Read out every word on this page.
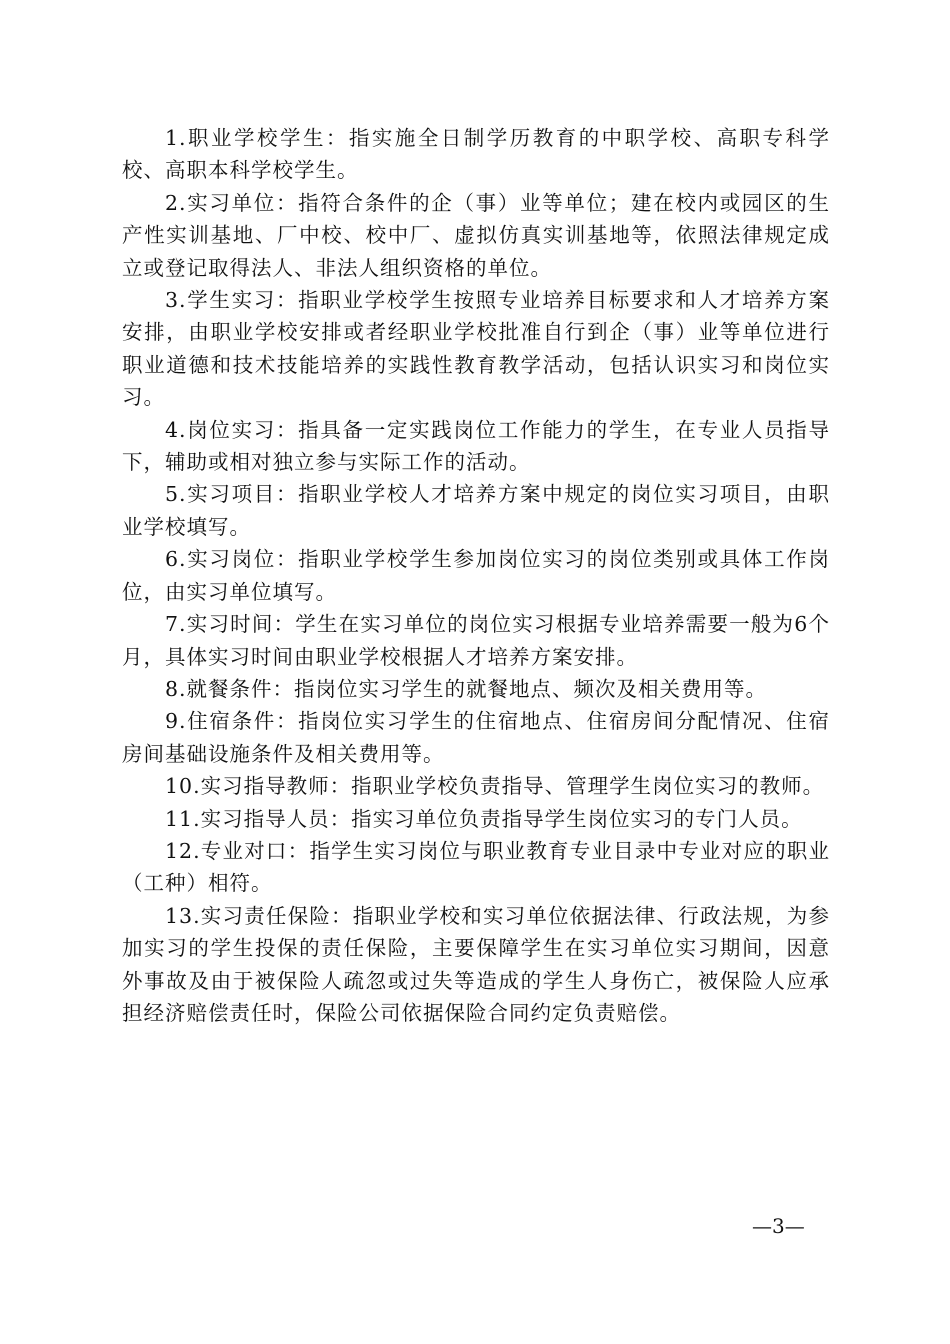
1.职业学校学生：指实施全日制学历教育的中职学校、高职专科学校、高职本科学校学生。

2.实习单位：指符合条件的企（事）业等单位；建在校内或园区的生产性实训基地、厂中校、校中厂、虚拟仿真实训基地等，依照法律规定成立或登记取得法人、非法人组织资格的单位。

3.学生实习：指职业学校学生按照专业培养目标要求和人才培养方案安排，由职业学校安排或者经职业学校批准自行到企（事）业等单位进行职业道德和技术技能培养的实践性教育教学活动，包括认识实习和岗位实习。

4.岗位实习：指具备一定实践岗位工作能力的学生，在专业人员指导下，辅助或相对独立参与实际工作的活动。

5.实习项目：指职业学校人才培养方案中规定的岗位实习项目，由职业学校填写。

6.实习岗位：指职业学校学生参加岗位实习的岗位类别或具体工作岗位，由实习单位填写。

7.实习时间：学生在实习单位的岗位实习根据专业培养需要一般为6个月，具体实习时间由职业学校根据人才培养方案安排。

8.就餐条件：指岗位实习学生的就餐地点、频次及相关费用等。

9.住宿条件：指岗位实习学生的住宿地点、住宿房间分配情况、住宿房间基础设施条件及相关费用等。

10.实习指导教师：指职业学校负责指导、管理学生岗位实习的教师。

11.实习指导人员：指实习单位负责指导学生岗位实习的专门人员。

12.专业对口：指学生实习岗位与职业教育专业目录中专业对应的职业（工种）相符。

13.实习责任保险：指职业学校和实习单位依据法律、行政法规，为参加实习的学生投保的责任保险，主要保障学生在实习单位实习期间，因意外事故及由于被保险人疏忽或过失等造成的学生人身伤亡，被保险人应承担经济赔偿责任时，保险公司依据保险合同约定负责赔偿。

—3—
